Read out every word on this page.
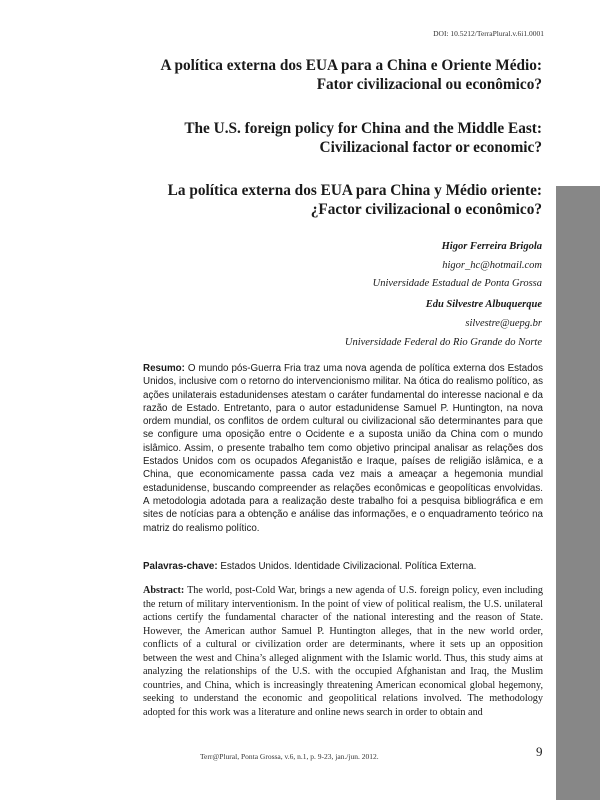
DOI: 10.5212/TerraPlural.v.6i1.0001
A política externa dos EUA para a China e Oriente Médio:
Fator civilizacional ou econômico?
The U.S. foreign policy for China and the Middle East:
Civilizacional factor or economic?
La política externa dos EUA para China y Médio oriente:
¿Factor civilizacional o econômico?
Higor Ferreira Brigola
higor_hc@hotmail.com
Universidade Estadual de Ponta Grossa
Edu Silvestre Albuquerque
silvestre@uepg.br
Universidade Federal do Rio Grande do Norte
Resumo: O mundo pós-Guerra Fria traz uma nova agenda de política externa dos Estados Unidos, inclusive com o retorno do intervencionismo militar. Na ótica do realismo político, as ações unilaterais estadunidenses atestam o caráter fundamental do interesse nacional e da razão de Estado. Entretanto, para o autor estadunidense Samuel P. Huntington, na nova ordem mundial, os conflitos de ordem cultural ou civilizacional são determinantes para que se configure uma oposição entre o Ocidente e a suposta união da China com o mundo islâmico. Assim, o presente trabalho tem como objetivo principal analisar as relações dos Estados Unidos com os ocupados Afeganistão e Iraque, países de religião islâmica, e a China, que economicamente passa cada vez mais a ameaçar a hegemonia mundial estadunidense, buscando compreender as relações econômicas e geopolíticas envolvidas. A metodologia adotada para a realização deste trabalho foi a pesquisa bibliográfica e em sites de notícias para a obtenção e análise das informações, e o enquadramento teórico na matriz do realismo político.
Palavras-chave: Estados Unidos. Identidade Civilizacional. Política Externa.
Abstract: The world, post-Cold War, brings a new agenda of U.S. foreign policy, even including the return of military interventionism. In the point of view of political realism, the U.S. unilateral actions certify the fundamental character of the national interesting and the reason of State. However, the American author Samuel P. Huntington alleges, that in the new world order, conflicts of a cultural or civilization order are determinants, where it sets up an opposition between the west and China’s alleged alignment with the Islamic world. Thus, this study aims at analyzing the relationships of the U.S. with the occupied Afghanistan and Iraq, the Muslim countries, and China, which is increasingly threatening American economical global hegemony, seeking to understand the economic and geopolitical relations involved. The methodology adopted for this work was a literature and online news search in order to obtain and
Terr@Plural, Ponta Grossa, v.6, n.1, p. 9-23, jan./jun. 2012.	9
